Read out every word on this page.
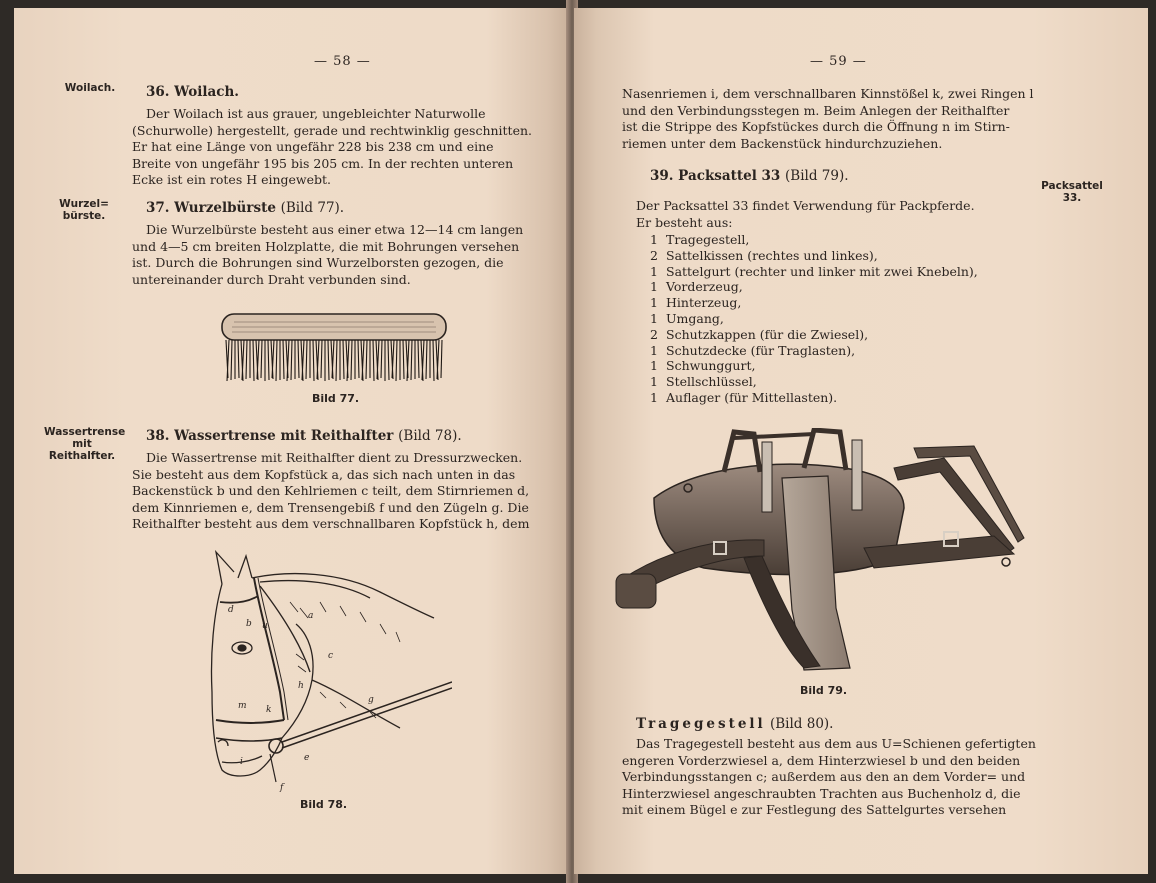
— 58 —
Woilach.	36. Woilach.
Der Woilach ist aus grauer, ungebleichter Naturwolle
(Schurwolle) hergestellt, gerade und rechtwinklig geschnitten.
Er hat eine Länge von ungefähr 228 bis 238 cm und eine
Breite von ungefähr 195 bis 205 cm. In der rechten unteren
Ecke ist ein rotes H eingewebt.
Wurzel=
bürste.	37. Wurzelbürste (Bild 77).
Die Wurzelbürste besteht aus einer etwa 12—14 cm langen
und 4—5 cm breiten Holzplatte, die mit Bohrungen versehen
ist. Durch die Bohrungen sind Wurzelborsten gezogen, die
untereinander durch Draht verbunden sind.
Bild 77.
Wassertrense
mit
Reithalfter.
38. Wassertrense mit Reithalfter (Bild 78).
Die Wassertrense mit Reithalfter dient zu Dressurzwecken.
Sie besteht aus dem Kopfstück a, das sich nach unten in das
Backenstück b und den Kehlriemen c teilt, dem Stirnriemen d,
dem Kinnriemen e, dem Trensengebiß f und den Zügeln g. Die
Reithalfter besteht aus dem verschnallbaren Kopfstück h, dem
b u
a
c
d
h
m k
i	e
g
f
Bild 78.
— 59 —
Nasenriemen i, dem verschnallbaren Kinnstößel k, zwei Ringen l
und den Verbindungsstegen m. Beim Anlegen der Reithalfter
ist die Strippe des Kopfstückes durch die Öffnung n im Stirn-
riemen unter dem Backenstück hindurchzuziehen.
39. Packsattel 33 (Bild 79).
Packsattel 33.
Der Packsattel 33 findet Verwendung für Packpferde.
Er besteht aus:
1 Tragegestell,
2 Sattelkissen (rechtes und linkes),
1 Sattelgurt (rechter und linker mit zwei Knebeln),
1 Vorderzeug,
1 Hinterzeug,
1 Umgang,
2 Schutzkappen (für die Zwiesel),
1 Schutzdecke (für Traglasten),
1 Schwunggurt,
1 Stellschlüssel,
1 Auflager (für Mittellasten).
Bild 79.
Tragegestell (Bild 80).
Das Tragegestell besteht aus dem aus U=Schienen gefertigten
engeren Vorderzwiesel a, dem Hinterzwiesel b und den beiden
Verbindungsstangen c; außerdem aus den an dem Vorder= und
Hinterzwiesel angeschraubten Trachten aus Buchenholz d, die
mit einem Bügel e zur Festlegung des Sattelgurtes versehen
